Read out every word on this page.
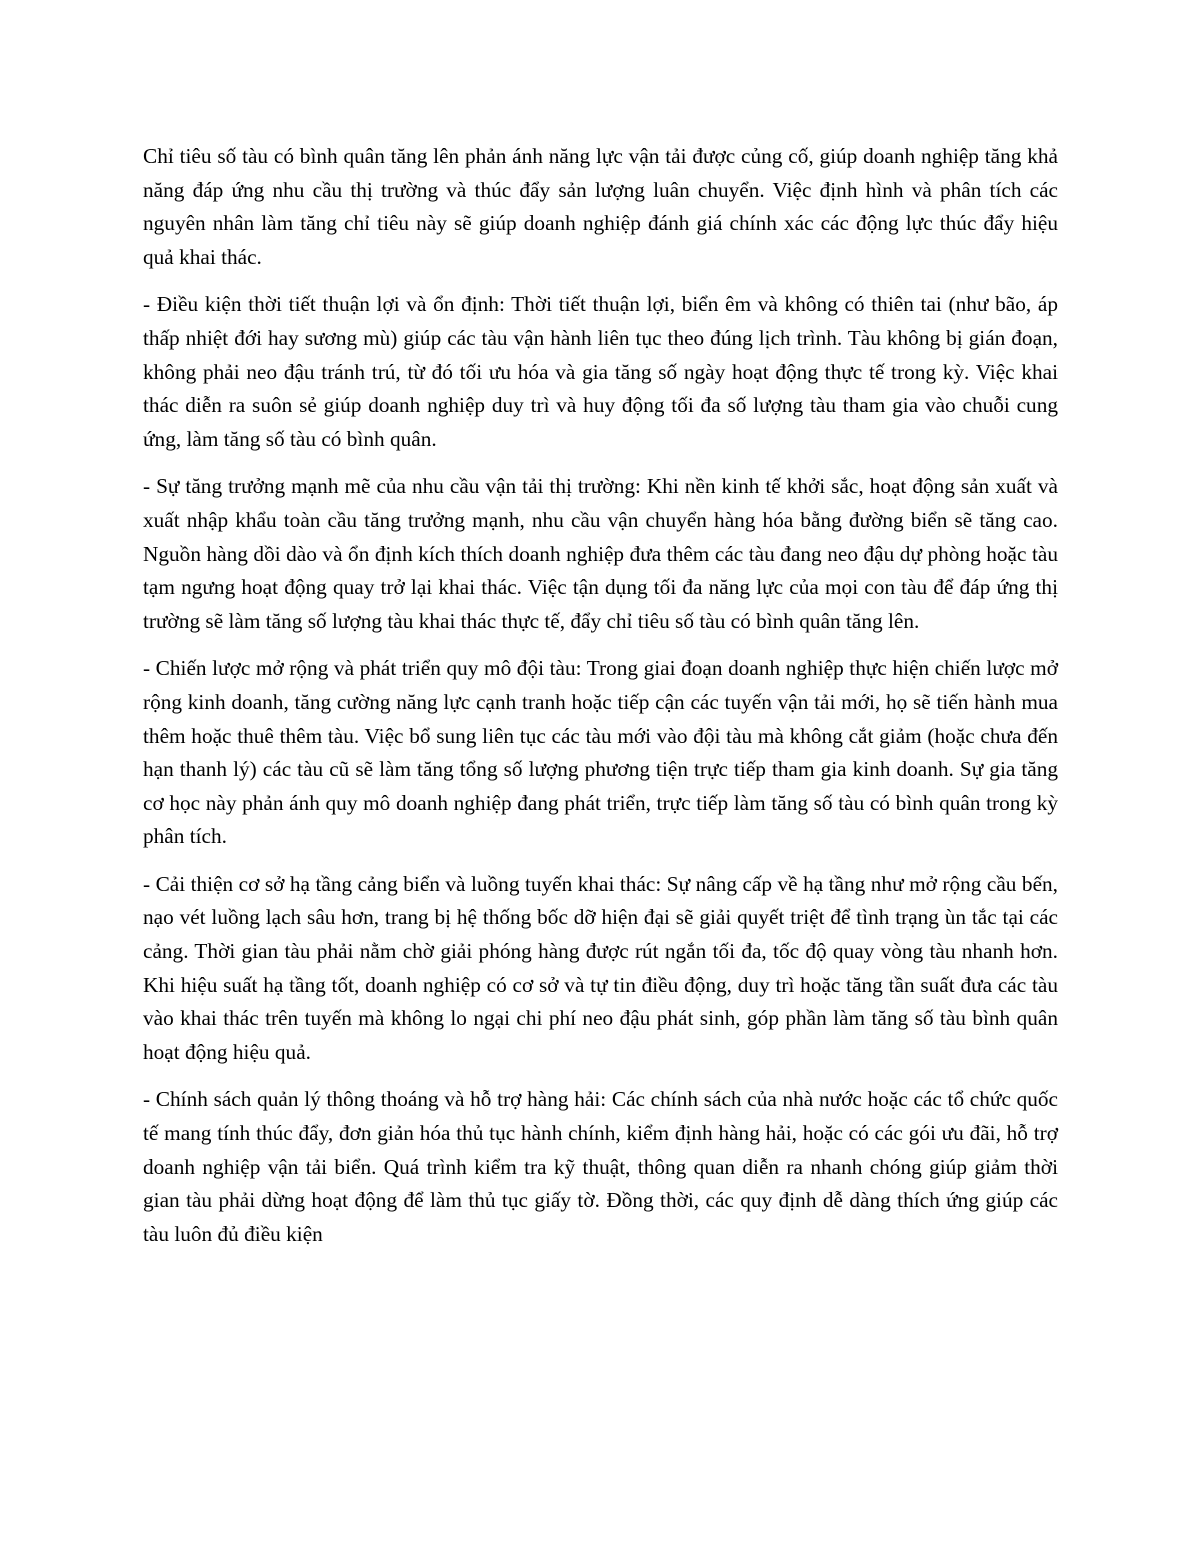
Chỉ tiêu số tàu có bình quân tăng lên phản ánh năng lực vận tải được củng cố, giúp doanh nghiệp tăng khả năng đáp ứng nhu cầu thị trường và thúc đẩy sản lượng luân chuyển. Việc định hình và phân tích các nguyên nhân làm tăng chỉ tiêu này sẽ giúp doanh nghiệp đánh giá chính xác các động lực thúc đẩy hiệu quả khai thác.

- Điều kiện thời tiết thuận lợi và ổn định: Thời tiết thuận lợi, biển êm và không có thiên tai (như bão, áp thấp nhiệt đới hay sương mù) giúp các tàu vận hành liên tục theo đúng lịch trình. Tàu không bị gián đoạn, không phải neo đậu tránh trú, từ đó tối ưu hóa và gia tăng số ngày hoạt động thực tế trong kỳ. Việc khai thác diễn ra suôn sẻ giúp doanh nghiệp duy trì và huy động tối đa số lượng tàu tham gia vào chuỗi cung ứng, làm tăng số tàu có bình quân.

- Sự tăng trưởng mạnh mẽ của nhu cầu vận tải thị trường: Khi nền kinh tế khởi sắc, hoạt động sản xuất và xuất nhập khẩu toàn cầu tăng trưởng mạnh, nhu cầu vận chuyển hàng hóa bằng đường biển sẽ tăng cao. Nguồn hàng dồi dào và ổn định kích thích doanh nghiệp đưa thêm các tàu đang neo đậu dự phòng hoặc tàu tạm ngưng hoạt động quay trở lại khai thác. Việc tận dụng tối đa năng lực của mọi con tàu để đáp ứng thị trường sẽ làm tăng số lượng tàu khai thác thực tế, đẩy chỉ tiêu số tàu có bình quân tăng lên.

- Chiến lược mở rộng và phát triển quy mô đội tàu: Trong giai đoạn doanh nghiệp thực hiện chiến lược mở rộng kinh doanh, tăng cường năng lực cạnh tranh hoặc tiếp cận các tuyến vận tải mới, họ sẽ tiến hành mua thêm hoặc thuê thêm tàu. Việc bổ sung liên tục các tàu mới vào đội tàu mà không cắt giảm (hoặc chưa đến hạn thanh lý) các tàu cũ sẽ làm tăng tổng số lượng phương tiện trực tiếp tham gia kinh doanh. Sự gia tăng cơ học này phản ánh quy mô doanh nghiệp đang phát triển, trực tiếp làm tăng số tàu có bình quân trong kỳ phân tích.

- Cải thiện cơ sở hạ tầng cảng biển và luồng tuyến khai thác: Sự nâng cấp về hạ tầng như mở rộng cầu bến, nạo vét luồng lạch sâu hơn, trang bị hệ thống bốc dỡ hiện đại sẽ giải quyết triệt để tình trạng ùn tắc tại các cảng. Thời gian tàu phải nằm chờ giải phóng hàng được rút ngắn tối đa, tốc độ quay vòng tàu nhanh hơn. Khi hiệu suất hạ tầng tốt, doanh nghiệp có cơ sở và tự tin điều động, duy trì hoặc tăng tần suất đưa các tàu vào khai thác trên tuyến mà không lo ngại chi phí neo đậu phát sinh, góp phần làm tăng số tàu bình quân hoạt động hiệu quả.

- Chính sách quản lý thông thoáng và hỗ trợ hàng hải: Các chính sách của nhà nước hoặc các tổ chức quốc tế mang tính thúc đẩy, đơn giản hóa thủ tục hành chính, kiểm định hàng hải, hoặc có các gói ưu đãi, hỗ trợ doanh nghiệp vận tải biển. Quá trình kiểm tra kỹ thuật, thông quan diễn ra nhanh chóng giúp giảm thời gian tàu phải dừng hoạt động để làm thủ tục giấy tờ. Đồng thời, các quy định dễ dàng thích ứng giúp các tàu luôn đủ điều kiện
